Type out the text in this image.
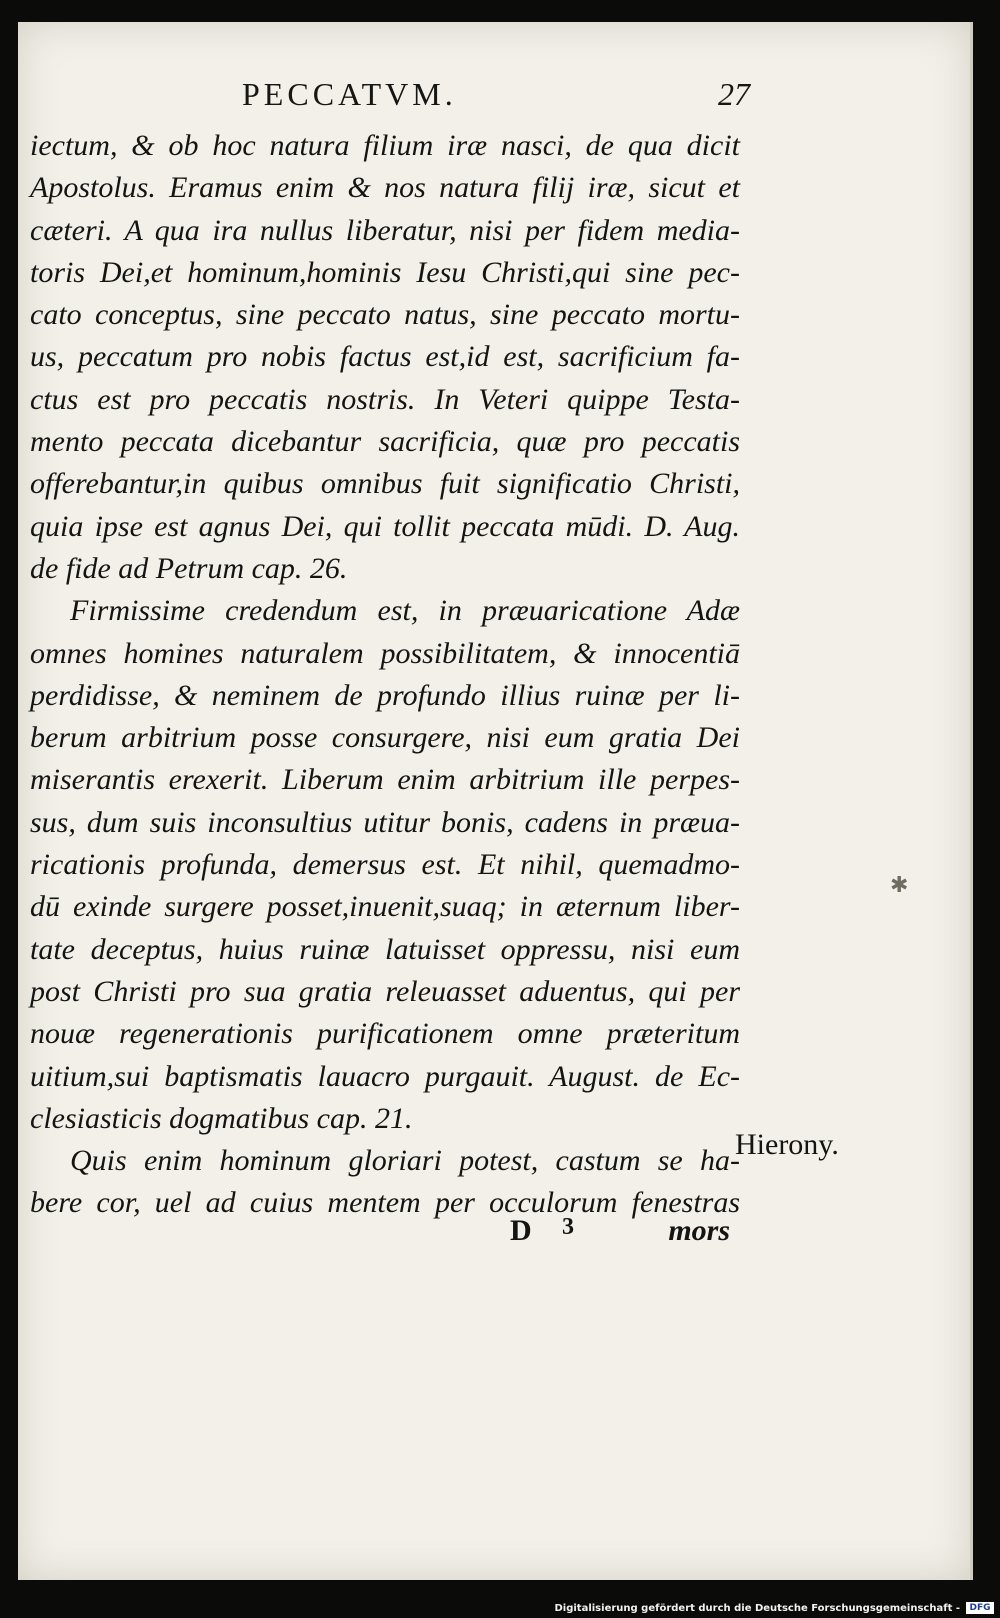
PECCATVM.	27
iectum, & ob hoc natura filium iræ nasci, de qua dicit
Apostolus. Eramus enim & nos natura filij iræ, sicut et
cæteri. A qua ira nullus liberatur, nisi per fidem media-
toris Dei,et hominum,hominis Iesu Christi,qui sine pec-
cato conceptus, sine peccato natus, sine peccato mortu-
us, peccatum pro nobis factus est,id est, sacrificium fa-
ctus est pro peccatis nostris. In Veteri quippe Testa-
mento peccata dicebantur sacrificia, quæ pro peccatis
offerebantur,in quibus omnibus fuit significatio Christi,
quia ipse est agnus Dei, qui tollit peccata mūdi. D. Aug.
de fide ad Petrum cap. 26.
Firmissime credendum est, in præuaricatione Adæ
omnes homines naturalem possibilitatem, & innocentiā
perdidisse, & neminem de profundo illius ruinæ per li-
berum arbitrium posse consurgere, nisi eum gratia Dei
miserantis erexerit. Liberum enim arbitrium ille perpes-
sus, dum suis inconsultius utitur bonis, cadens in præua-
ricationis profunda, demersus est. Et nihil, quemadmo-
dū exinde surgere posset,inuenit,suaq; in æternum liber-
tate deceptus, huius ruinæ latuisset oppressu, nisi eum
post Christi pro sua gratia releuasset aduentus, qui per
nouæ regenerationis purificationem omne præteritum
uitium,sui baptismatis lauacro purgauit. August. de Ec-
clesiasticis dogmatibus cap. 21.
Quis enim hominum gloriari potest, castum se ha-
bere cor, uel ad cuius mentem per occulorum fenestras
Hierony.
D 3	mors
✱
Digitalisierung gefördert durch die Deutsche Forschungsgemeinschaft -	DFG
